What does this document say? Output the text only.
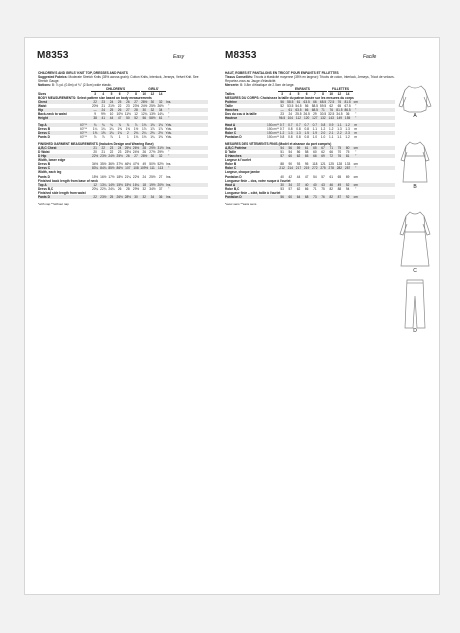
M8353	Easy	M8353	Facile
CHILDREN'S AND GIRLS' KNIT TOP, DRESSES AND PANTS
Suggested Fabrics: Moderate Stretch Knits (35% across grain): Cotton Knits, Interlock, Jerseys, Velvet Knit. See Stretch Gauge.
Notions: B: ⅞ yd. (0.8m) of ¾" (2.5cm) wide elastic.
CHILDREN'S	GIRLS'
Sizes	3	4	5	6	7	8	10	12	14
BODY MEASUREMENTS: Select pattern size based on body measurements
Chest	22	23	24	25	26	27	28½	30	32	Ins.
Waist	20½	21	21½	22	23	23½ 24½ 25½ 26½	"
Hip	—	24	25	26	27	28	30	32	34	"
Back-neck to waist	9	9½	10	10½ 11½	12	12¾ 13½ 14¼	"
Height	38	41	44	47	50	52	56	58½	61	"
Top A	60"**	¾	¾	¾	⅞	⅞	⅞	1⅛	1⅛	1⅛ Yds.
Dress B	60"**	1¼	1¼	1¼	1⅜	1⅜	1½	1⅞	1⅞	1⅞ Yds.
Dress C	60"**	1⅝	1⅝	1¾	1¾	2	2⅛	2¼	2⅜	2½ Yds.
Pants D	60"**	⅞	⅞	⅞	1	1	1⅛	1⅛	1¼	1⅜ Yds.
FINISHED GARMENT MEASUREMENTS (Includes Design and Wearing Ease)
A,B,C Chest	21	22	23	24	25½ 26½	28	29½ 31½ Ins.
D Waist	20	21	22	23	23½ 24½	26	27½ 29½	"
D Hip	22½ 23½ 24½ 25½	26	27	28½	30	32	"
Width, lower edge
Dress B	34½ 35½ 36½ 37½ 46½ 47½	49	50½ 52½ Ins.
Dress C	83¼ 84¾ 85½ 86½ 107 108 109½ 111	113	"
Width, each leg
Pants D	15½ 16½ 17½ 18½ 21¼ 22½	24	25½	27	Ins.
Finished back length from base of neck
Top A	12	13¼ 14½ 15½ 15½ 16¼	18	19½ 20½ Ins.
Dress B,C	20¼ 22¾ 24¼	26	28	29½	32	34½	37	"
Finished side length from waist
Pants D	22	23½	25	26½ 28½	30	32	34	36	Ins.
*with nap **without nap
HAUT, ROBES ET PANTALONS EN TRICOT POUR ENFANTS ET FILLETTES
Tissus Conseillés: Tricots à élasticité moyenne (35% en largeur): Tricots de coton, Interlock, Jerseys, Tricot de velours. Reportez-vous au Jauge d'élasticité.
Mercerie: B: 0.8m d'élastique de 2.5cm de large.
ENFANTS	FILLETTES
Tailles	3	4	5	6	7	8	10	12	14
MESURES DU CORPS: Choisissez la taille du patron basée sur les mesures du corps
Poitrine	56	58.5	61	63.5	66	68.5 72.5	76	81.5 cm
Taille	52	53.5 54.5	56	58.5 59.5	62	65	67.5	"
Hanches	—	61	63.5	66	68.5	71	76	81.5 86.5	"
Dos du cou à la taille	23	24	25.5 26.5	29	30.5 32.5 34.5	36	"
Hauteur	96.5 104 112 120 127 132 143 149 155	"
Haut A	150cm** 0.7	0.7	0.7	0.7	0.7	0.8	0.9	1.1	1.2	m
Robe B	150cm** 0.7	0.8	0.8	0.8	1.1	1.2	1.2	1.3	1.3	m
Robe C	150cm** 1.2	1.3	1.3	1.5	1.9	2.0	2.1	2.2	2.3	m
Pantalon D	150cm** 0.8	0.8	0.8	0.8	1.0	1.0	1.1	1.1	1.2	m
MESURES DES VÊTEMENTS FINIS (Modèl et aisance du port compris)
A,B,C Poitrine	54	56	59	61	65	67	71	75	80	cm
D Taille	51	54	56	58	60	62	66	70	75	"
D Hanches	57	60	62	65	66	69	72	76	81	"
Largeur à l'ourlet
Robe B	88	90	93	95	118 121 125 128 133	cm
Robe C	212 214 217 219 272 275 278 282 287	"
Largeur, chaque jambe
Pantalon D	40	42	44	47	54	57	61	65	69	cm
Longueur finie – dos, votre nuque à l'ourlet
Haut A	30	34	37	40	40	43	46	49	52	cm
Robe B,C	53	57	62	66	71	75	82	88	94	"
Longueur finie – côté, taille à l'ourlet
Pantalon D	56	60	64	68	73	76	82	87	92	cm
*avec sens **sans sens
A
B
C
D
